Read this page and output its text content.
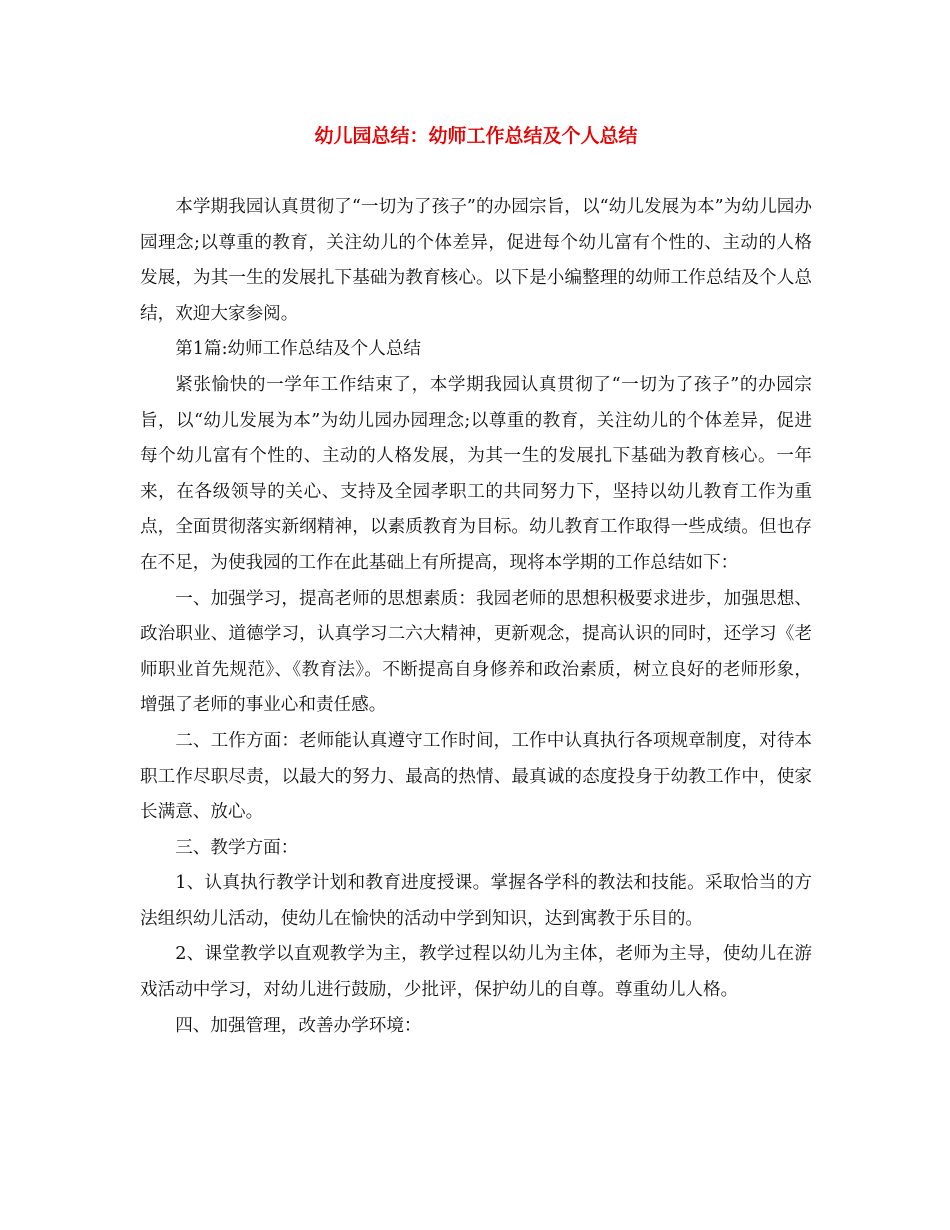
幼儿园总结：幼师工作总结及个人总结

本学期我园认真贯彻了“一切为了孩子”的办园宗旨，以“幼儿发展为本”为幼儿园办园理念;以尊重的教育，关注幼儿的个体差异，促进每个幼儿富有个性的、主动的人格发展，为其一生的发展扎下基础为教育核心。以下是小编整理的幼师工作总结及个人总结，欢迎大家参阅。

第1篇:幼师工作总结及个人总结

紧张愉快的一学年工作结束了，本学期我园认真贯彻了“一切为了孩子”的办园宗旨，以“幼儿发展为本”为幼儿园办园理念;以尊重的教育，关注幼儿的个体差异，促进每个幼儿富有个性的、主动的人格发展，为其一生的发展扎下基础为教育核心。一年来，在各级领导的关心、支持及全园孝职工的共同努力下，坚持以幼儿教育工作为重点，全面贯彻落实新纲精神，以素质教育为目标。幼儿教育工作取得一些成绩。但也存在不足，为使我园的工作在此基础上有所提高，现将本学期的工作总结如下：

一、加强学习，提高老师的思想素质：我园老师的思想积极要求进步，加强思想、政治职业、道德学习，认真学习二六大精神，更新观念，提高认识的同时，还学习《老师职业首先规范》、《教育法》。不断提高自身修养和政治素质，树立良好的老师形象，增强了老师的事业心和责任感。

二、工作方面：老师能认真遵守工作时间，工作中认真执行各项规章制度，对待本职工作尽职尽责，以最大的努力、最高的热情、最真诚的态度投身于幼教工作中，使家长满意、放心。

三、教学方面：

1、认真执行教学计划和教育进度授课。掌握各学科的教法和技能。采取恰当的方法组织幼儿活动，使幼儿在愉快的活动中学到知识，达到寓教于乐目的。

2、课堂教学以直观教学为主，教学过程以幼儿为主体，老师为主导，使幼儿在游戏活动中学习，对幼儿进行鼓励，少批评，保护幼儿的自尊。尊重幼儿人格。

四、加强管理，改善办学环境：
